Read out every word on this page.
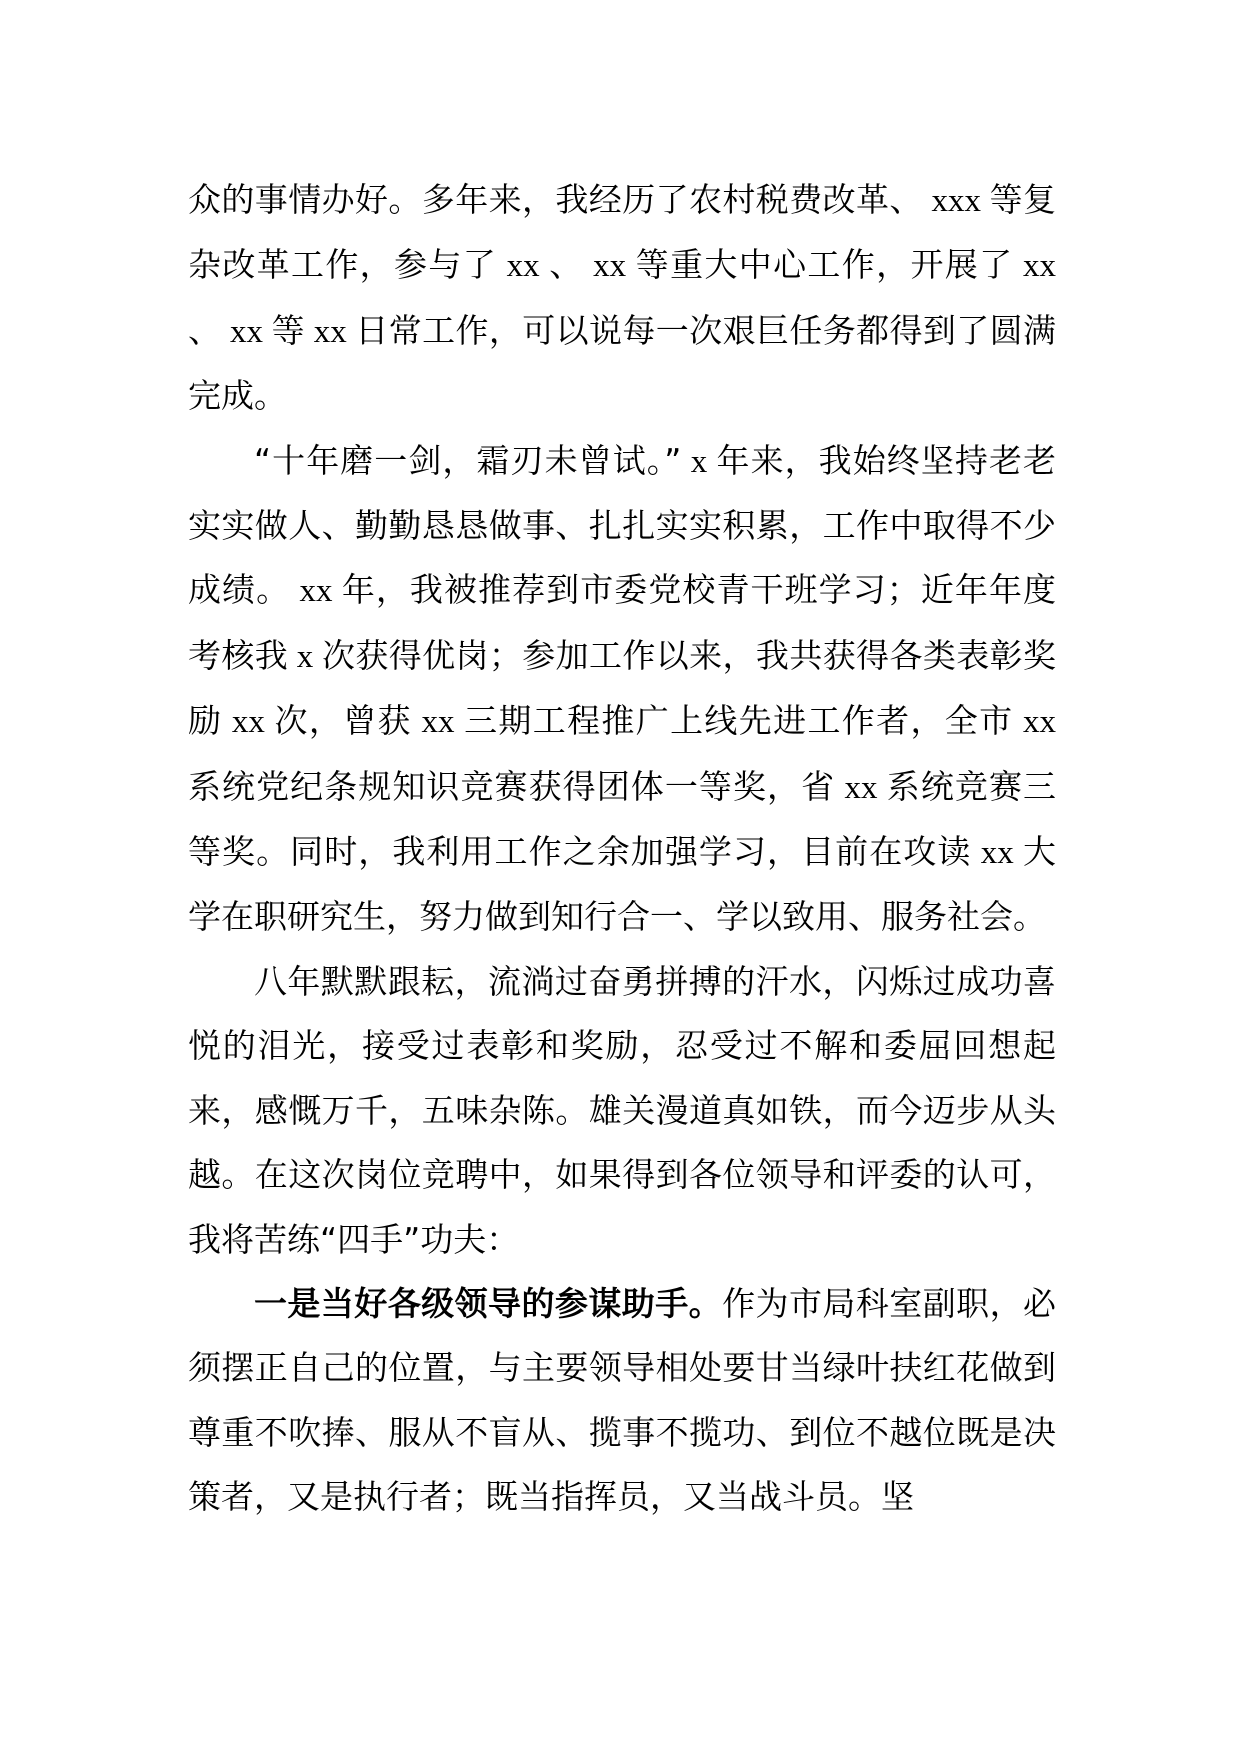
众的事情办好。多年来，我经历了农村税费改革、 xxx 等复杂改革工作，参与了 xx 、 xx 等重大中心工作，开展了 xx 、 xx 等 xx 日常工作，可以说每一次艰巨任务都得到了圆满完成。

“十年磨一剑，霜刃未曾试。” x 年来，我始终坚持老老实实做人、勤勤恳恳做事、扎扎实实积累，工作中取得不少成绩。 xx 年，我被推荐到市委党校青干班学习；近年年度考核我 x 次获得优岗；参加工作以来，我共获得各类表彰奖励 xx 次，曾获 xx 三期工程推广上线先进工作者，全市 xx 系统党纪条规知识竞赛获得团体一等奖，省 xx 系统竞赛三等奖。同时，我利用工作之余加强学习，目前在攻读 xx 大学在职研究生，努力做到知行合一、学以致用、服务社会。

八年默默跟耘，流淌过奋勇拼搏的汗水，闪烁过成功喜悦的泪光，接受过表彰和奖励，忍受过不解和委屈回想起来，感慨万千，五味杂陈。雄关漫道真如铁，而今迈步从头越。在这次岗位竞聘中，如果得到各位领导和评委的认可，我将苦练“四手”功夫：

一是当好各级领导的参谋助手。作为市局科室副职，必须摆正自己的位置，与主要领导相处要甘当绿叶扶红花做到尊重不吹捧、服从不盲从、揽事不揽功、到位不越位既是决策者，又是执行者；既当指挥员，又当战斗员。坚
